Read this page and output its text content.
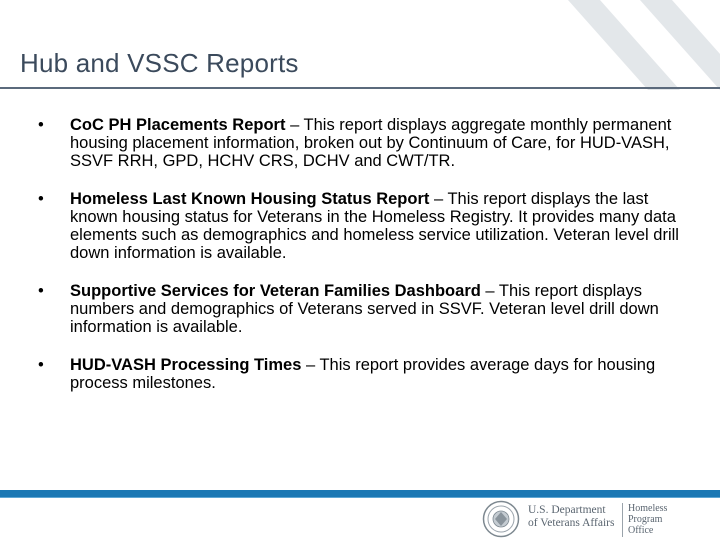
Hub and VSSC Reports
• CoC PH Placements Report – This report displays aggregate monthly permanent housing placement information, broken out by Continuum of Care, for HUD-VASH, SSVF RRH, GPD, HCHV CRS, DCHV and CWT/TR.
• Homeless Last Known Housing Status Report – This report displays the last known housing status for Veterans in the Homeless Registry. It provides many data elements such as demographics and homeless service utilization. Veteran level drill down information is available.
• Supportive Services for Veteran Families Dashboard – This report displays numbers and demographics of Veterans served in SSVF. Veteran level drill down information is available.
• HUD-VASH Processing Times – This report provides average days for housing process milestones.
U.S. Department
of Veterans Affairs
Homeless
Program
Office
